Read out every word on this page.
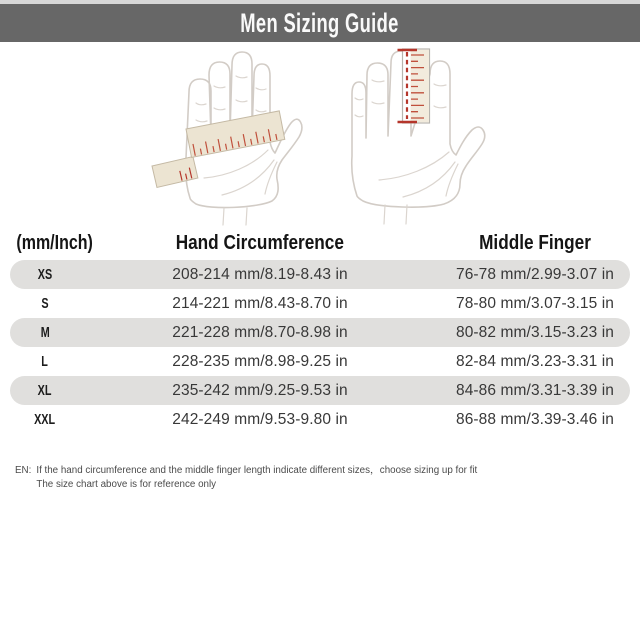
Men Sizing Guide
(mm/Inch)	Hand Circumference	Middle Finger
XS	208-214 mm/8.19-8.43 in	76-78 mm/2.99-3.07 in
S	214-221 mm/8.43-8.70 in	78-80 mm/3.07-3.15 in
M	221-228 mm/8.70-8.98 in	80-82 mm/3.15-3.23 in
L	228-235 mm/8.98-9.25 in	82-84 mm/3.23-3.31 in
XL	235-242 mm/9.25-9.53 in	84-86 mm/3.31-3.39 in
XXL	242-249 mm/9.53-9.80 in	86-88 mm/3.39-3.46 in
EN: If the hand circumference and the middle finger length indicate different sizes，choose sizing up for fit
The size chart above is for reference only
